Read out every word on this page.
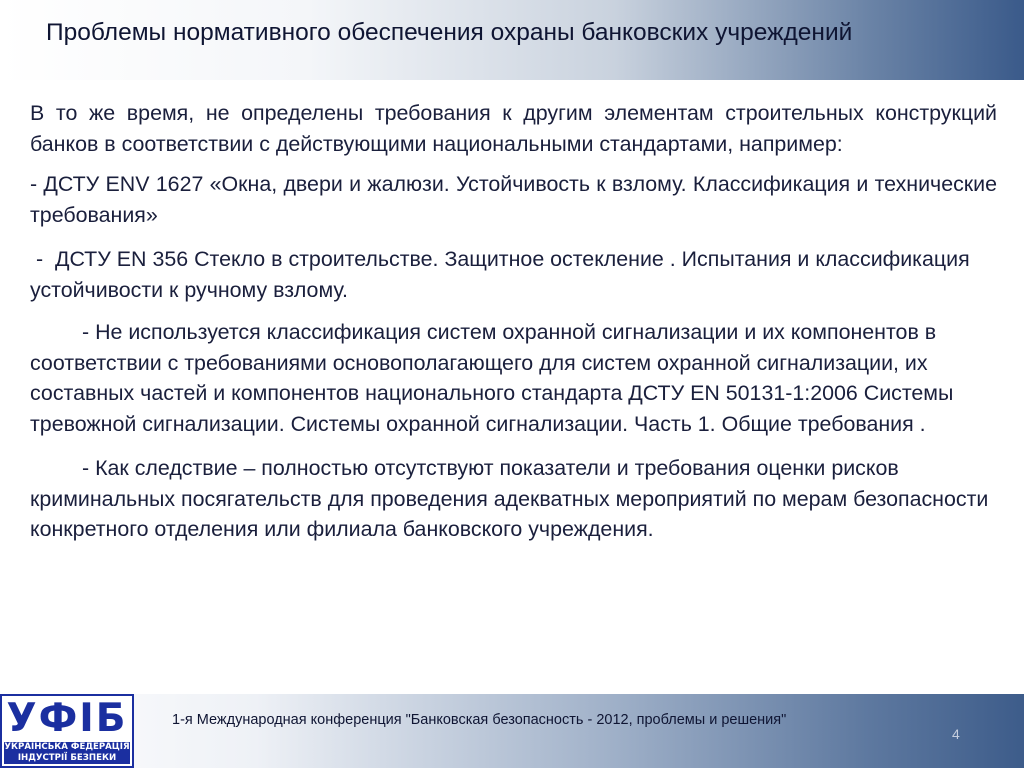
Проблемы нормативного обеспечения охраны банковских учреждений

В то же время, не определены требования к другим элементам строительных конструкций банков в соответствии с действующими национальными стандартами, например:

- ДСТУ ENV 1627 «Окна, двери и жалюзи. Устойчивость к взлому. Классификация и технические требования»

-  ДСТУ EN 356 Стекло в строительстве. Защитное остекление . Испытания и классификация устойчивости к ручному взлому.

- Не используется классификация систем охранной сигнализации и их компонентов в соответствии с требованиями основополагающего для систем охранной сигнализации, их составных частей и компонентов национального стандарта ДСТУ EN 50131-1:2006 Системы тревожной сигнализации. Системы охранной сигнализации. Часть 1. Общие требования .

- Как следствие – полностью отсутствуют показатели и требования оценки рисков криминальных посягательств для проведения адекватных мероприятий по мерам безопасности конкретного отделения или филиала банковского учреждения.

УФІБ
УКРАЇНСЬКА ФЕДЕРАЦІЯ
ІНДУСТРІЇ БЕЗПЕКИ
1-я Международная конференция "Банковская безопасность - 2012, проблемы и решения"
4
